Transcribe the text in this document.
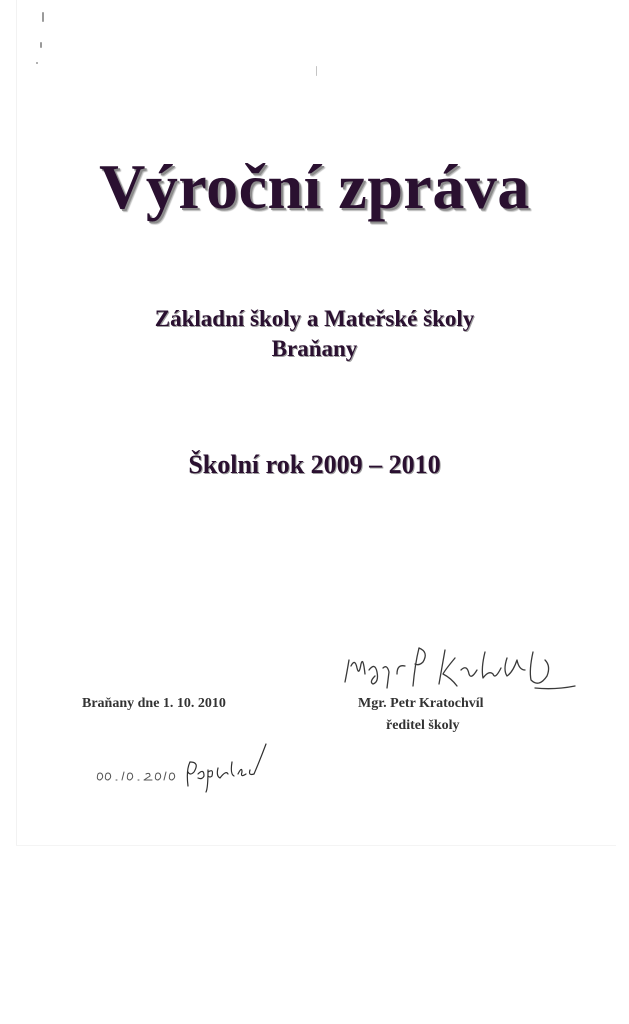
Výroční zpráva
Základní školy a Mateřské školy
Braňany
Školní rok 2009 – 2010
Braňany dne 1. 10. 2010	Mgr. Petr Kratochvíl
ředitel školy
